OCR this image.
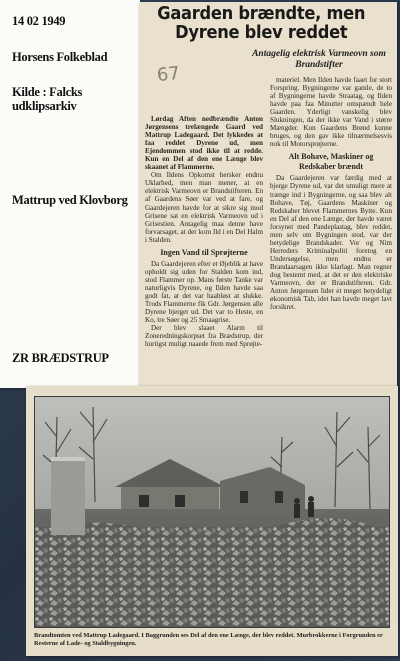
14 02 1949
Horsens Folkeblad
Kilde : Falcks udklipsarkiv
Mattrup ved Klovborg
ZR BRÆDSTRUP
Gaarden brændte, men
Dyrene blev reddet
Antagelig elektrisk Varmeovn som Brandstifter
67

Lørdag Aften nedbrændte Anton Jørgensens trelængede Gaard ved Mattrup Ladegaard. Det lykkedes at faa reddet Dyrene ud, men Ejendommen stod ikke til at redde. Kun en Del af den ene Længe blev skaanet af Flammerne.

Om Ildens Opkomst hersker endnu Uklarhed, men man mener, at en elektrisk Varmeovn er Brandstifteren. En af Gaardens Søer var ved at fare, og Gaardejeren havde for at sikre sig mod Grisene sat en elektrisk Varmeovn ud i Grisestien. Antagelig maa denne have forvarsaget, at der kom Ild i en Del Halm i Stalden.

Ingen Vand til Sprøjterne

Da Gaardejeren efter et Øjeblik at have opholdt sig uden for Stalden kom ind, stod Flammer op. Mans første Tanke var naturligvis Dyrene, og Ilden havde saa godt fat, at det var haabløst at slukke. Trods Flammerne fik Gdr. Jørgensen alle Dyrene bjerget ud. Det var to Heste, en Ko, tre Søer og 25 Smaagrise.

Der blev slaaet Alarm til Zoneredningskorpset fra Brædstrup, der hurtigst muligt naaede frem med Sprøjte-

materiel. Men Ilden havde faaet for stort Forspring. Bygningerne var gamle, de to af Bygningerne havde Straatag, og Ilden havde paa faa Minutter omspændt hele Gaarden. Yderligt vanskelig blev Slukningen, da der ikke var Vand i større Mængder. Kun Gaardens Brønd kunne bruges, og den gav ikke tilnærmelsesvis nok til Motorsprøjterne.

Alt Bohave, Maskiner og Redskaber brændt

Da Gaardejeren var færdig med at bjerge Dyrene ud, var det umuligt mere at trænge ind i Bygningerne, og saa blev alt Bohave, Tøj, Gaardens Maskiner og Redskaber blevet Flammernes Bytte. Kun en Del af den ene Længe, der havde været forsynet med Pandeplastag, blev reddet, men selv om Bygningen stod, var der betydelige Brandskader. Vor og Nim Herreders Kriminalpoliti foretog en Undersøgelse, men endnu er Brandaarsagen ikke klarlagt. Man regner dog bestemt med, at det er den elektriske Varmeovn, der er Brandstifteren. Gdr. Anton Jørgensen lider et meget betydeligt økonomisk Tab, idet han havde meget lavt forsikret.

Brandtomten ved Mattrup Ladegaard. I Baggrunden ses Del af den ene Længe, der blev reddet. Murbrokkerne i Forgrunden er Resterne af Lade- og Staldbygningen.
